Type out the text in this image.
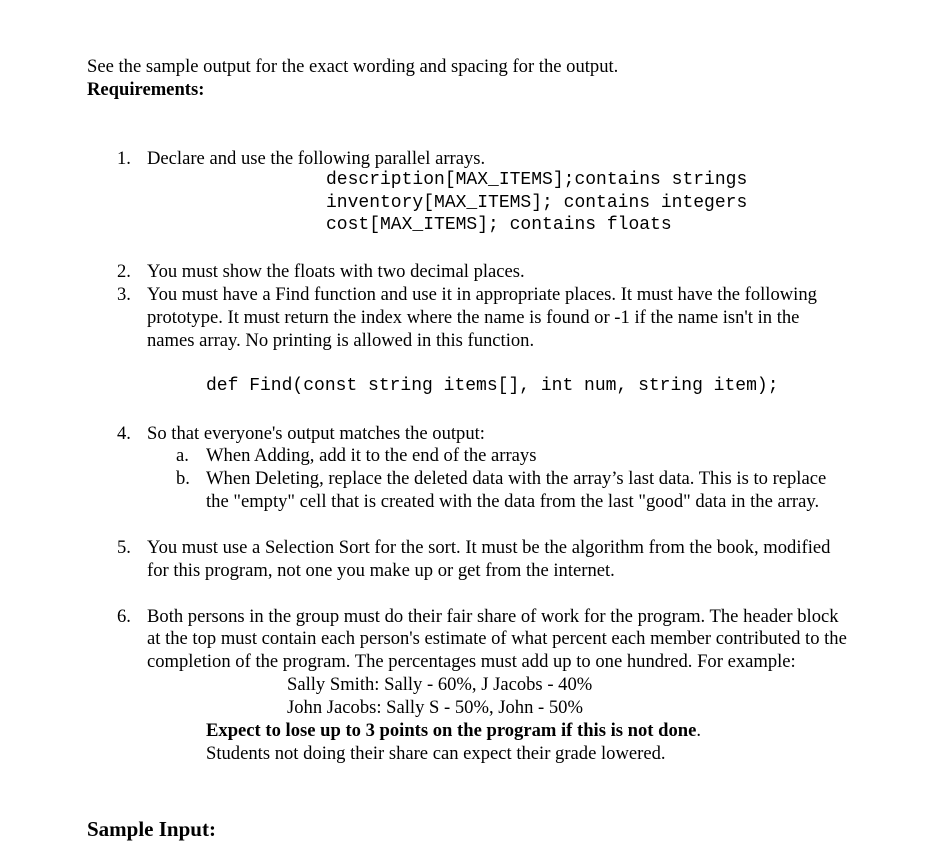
See the sample output for the exact wording and spacing for the output.
Requirements:
1. Declare and use the following parallel arrays.
description[MAX_ITEMS];contains strings
inventory[MAX_ITEMS]; contains integers
cost[MAX_ITEMS]; contains floats
2. You must show the floats with two decimal places.
3. You must have a Find function and use it in appropriate places. It must have the following
prototype. It must return the index where the name is found or -1 if the name isn't in the
names array. No printing is allowed in this function.
def Find(const string items[], int num, string item);
4. So that everyone's output matches the output:
a. When Adding, add it to the end of the arrays
b. When Deleting, replace the deleted data with the array’s last data. This is to replace
the "empty" cell that is created with the data from the last "good" data in the array.
5. You must use a Selection Sort for the sort. It must be the algorithm from the book, modified
for this program, not one you make up or get from the internet.
6. Both persons in the group must do their fair share of work for the program. The header block
at the top must contain each person's estimate of what percent each member contributed to the
completion of the program. The percentages must add up to one hundred. For example:
Sally Smith: Sally - 60%, J Jacobs - 40%
John Jacobs: Sally S - 50%, John - 50%
Expect to lose up to 3 points on the program if this is not done.
Students not doing their share can expect their grade lowered.
Sample Input:
